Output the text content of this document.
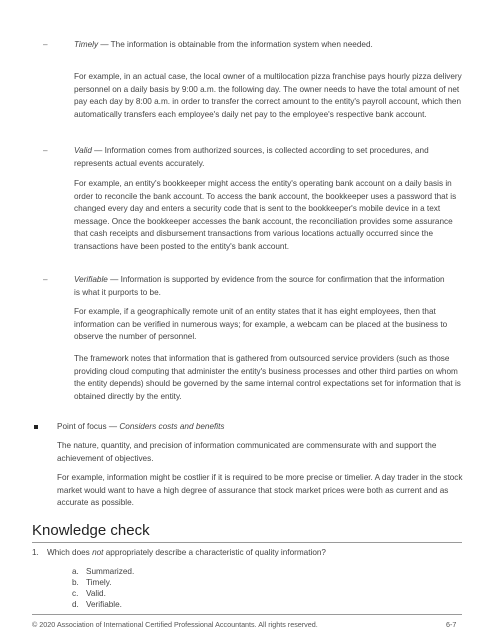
–	Timely — The information is obtainable from the information system when needed.

For example, in an actual case, the local owner of a multilocation pizza franchise pays hourly pizza delivery personnel on a daily basis by 9:00 a.m. the following day. The owner needs to have the total amount of net pay each day by 8:00 a.m. in order to transfer the correct amount to the entity's payroll account, which then automatically transfers each employee's daily net pay to the employee's respective bank account.

–	Valid — Information comes from authorized sources, is collected according to set procedures, and represents actual events accurately.

For example, an entity's bookkeeper might access the entity's operating bank account on a daily basis in order to reconcile the bank account. To access the bank account, the bookkeeper uses a password that is changed every day and enters a security code that is sent to the bookkeeper's mobile device in a text message. Once the bookkeeper accesses the bank account, the reconciliation provides some assurance that cash receipts and disbursement transactions from various locations actually occurred since the transactions have been posted to the entity's bank account.

–	Verifiable — Information is supported by evidence from the source for confirmation that the information is what it purports to be.

For example, if a geographically remote unit of an entity states that it has eight employees, then that information can be verified in numerous ways; for example, a webcam can be placed at the business to observe the number of personnel.

The framework notes that information that is gathered from outsourced service providers (such as those providing cloud computing that administer the entity's business processes and other third parties on whom the entity depends) should be governed by the same internal control expectations set for information that is obtained directly by the entity.

Point of focus — Considers costs and benefits

The nature, quantity, and precision of information communicated are commensurate with and support the achievement of objectives.

For example, information might be costlier if it is required to be more precise or timelier. A day trader in the stock market would want to have a high degree of assurance that stock market prices were both as current and as accurate as possible.

Knowledge check
1. Which does not appropriately describe a characteristic of quality information?

a. Summarized.
b. Timely.
c. Valid.
d. Verifiable.
© 2020 Association of International Certified Professional Accountants. All rights reserved.	6-7
